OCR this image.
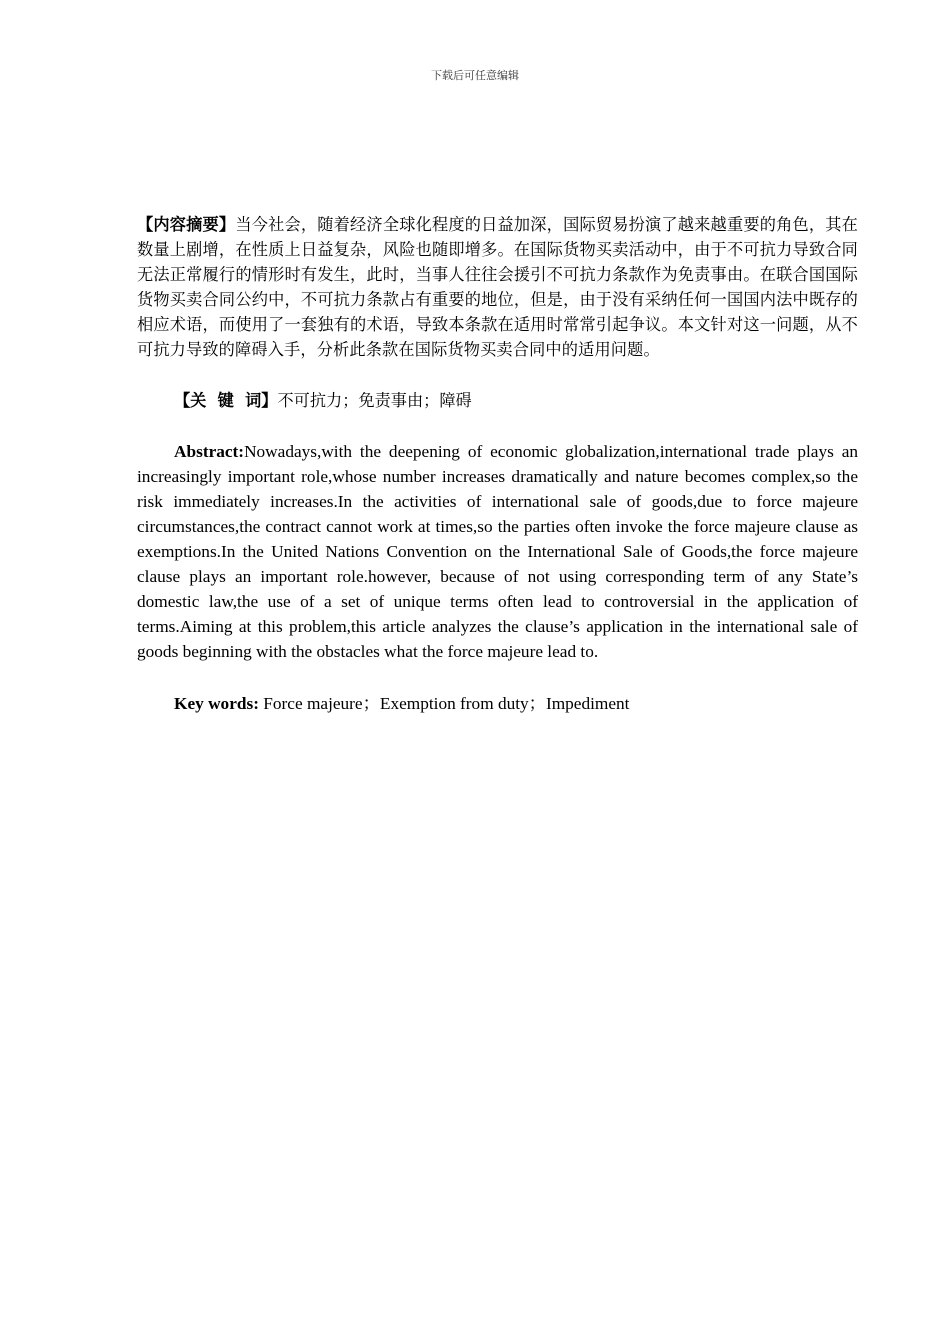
下载后可任意编辑

【内容摘要】当今社会，随着经济全球化程度的日益加深，国际贸易扮演了越来越重要的角色，其在数量上剧增，在性质上日益复杂，风险也随即增多。在国际货物买卖活动中，由于不可抗力导致合同无法正常履行的情形时有发生，此时，当事人往往会援引不可抗力条款作为免责事由。在联合国国际货物买卖合同公约中，不可抗力条款占有重要的地位，但是，由于没有采纳任何一国国内法中既存的相应术语，而使用了一套独有的术语，导致本条款在适用时常常引起争议。本文针对这一问题，从不可抗力导致的障碍入手，分析此条款在国际货物买卖合同中的适用问题。

【关  键  词】不可抗力；免责事由；障碍

Abstract:Nowadays,with the deepening of economic globalization,international trade plays an increasingly important role,whose number increases dramatically and nature becomes complex,so the risk immediately increases.In the activities of international sale of goods,due to force majeure circumstances,the contract cannot work at times,so the parties often invoke the force majeure clause as exemptions.In the United Nations Convention on the International Sale of Goods,the force majeure clause plays an important role.however, because of not using corresponding term of any State’s domestic law,the use of a set of unique terms often lead to controversial in the application of terms.Aiming at this problem,this article analyzes the clause’s application in the international sale of goods beginning with the obstacles what the force majeure lead to.

Key words: Force majeure；Exemption from duty；Impediment
